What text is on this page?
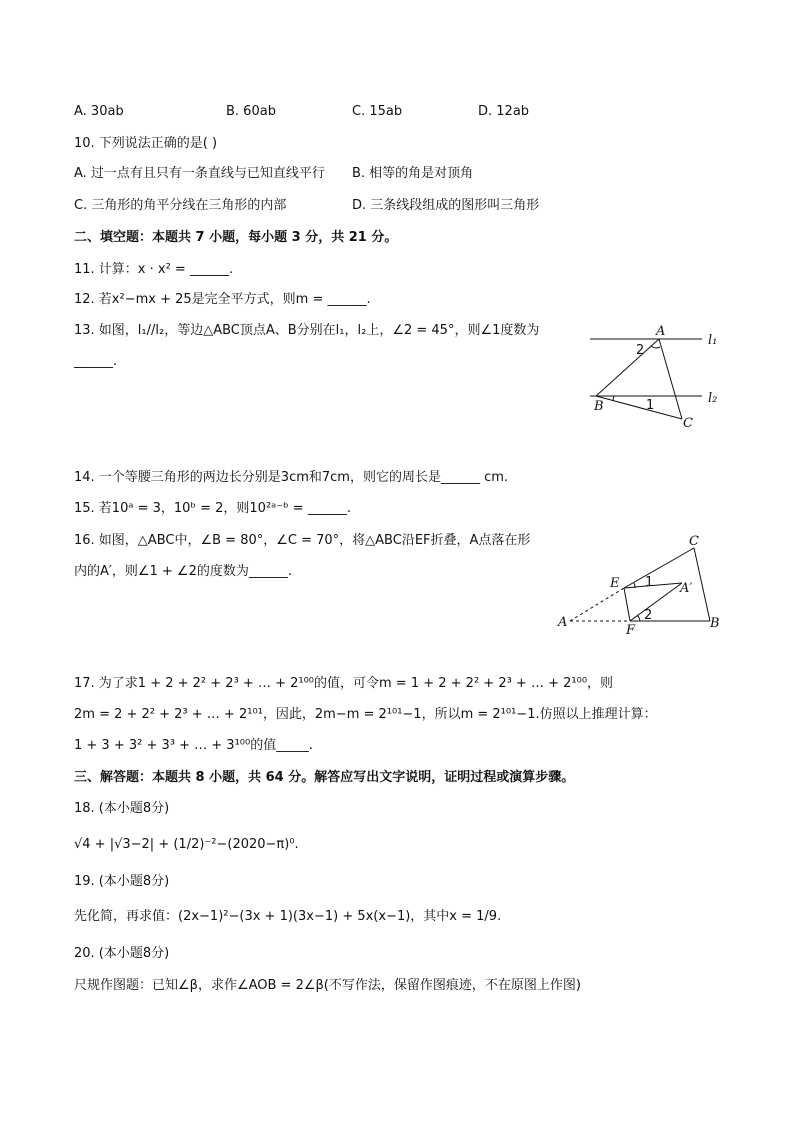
A. 30ab	B. 60ab	C. 15ab	D. 12ab
10. 下列说法正确的是( )
A. 过一点有且只有一条直线与已知直线平行 B. 相等的角是对顶角
C. 三角形的角平分线在三角形的内部	D. 三条线段组成的图形叫三角形
二、填空题：本题共 7 小题，每小题 3 分，共 21 分。
11. 计算：x · x² = ______.
12. 若x²−mx + 25是完全平方式，则m = ______.
13. 如图，l₁//l₂，等边△ABC顶点A、B分别在l₁，l₂上，∠2 = 45°，则∠1度数为
______.
A
l₁
l₂
B
C
2
1
14. 一个等腰三角形的两边长分别是3cm和7cm，则它的周长是______ cm.
15. 若10ᵃ = 3，10ᵇ = 2，则10²ᵃ⁻ᵇ = ______.
16. 如图，△ABC中，∠B = 80°，∠C = 70°，将△ABC沿EF折叠，A点落在形
内的A′，则∠1 + ∠2的度数为______.
A
E
F	B
C
A′
1
2
17. 为了求1 + 2 + 2² + 2³ + … + 2¹⁰⁰的值，可令m = 1 + 2 + 2² + 2³ + … + 2¹⁰⁰，则
2m = 2 + 2² + 2³ + … + 2¹⁰¹，因此，2m−m = 2¹⁰¹−1，所以m = 2¹⁰¹−1.仿照以上推理计算：
1 + 3 + 3² + 3³ + … + 3¹⁰⁰的值_____.
三、解答题：本题共 8 小题，共 64 分。解答应写出文字说明，证明过程或演算步骤。
18. (本小题8分)
√4 + |√3−2| + (1/2)⁻²−(2020−π)⁰.
19. (本小题8分)
先化简，再求值：(2x−1)²−(3x + 1)(3x−1) + 5x(x−1)，其中x = 1/9.
20. (本小题8分)
尺规作图题：已知∠β，求作∠AOB = 2∠β(不写作法，保留作图痕迹，不在原图上作图)
